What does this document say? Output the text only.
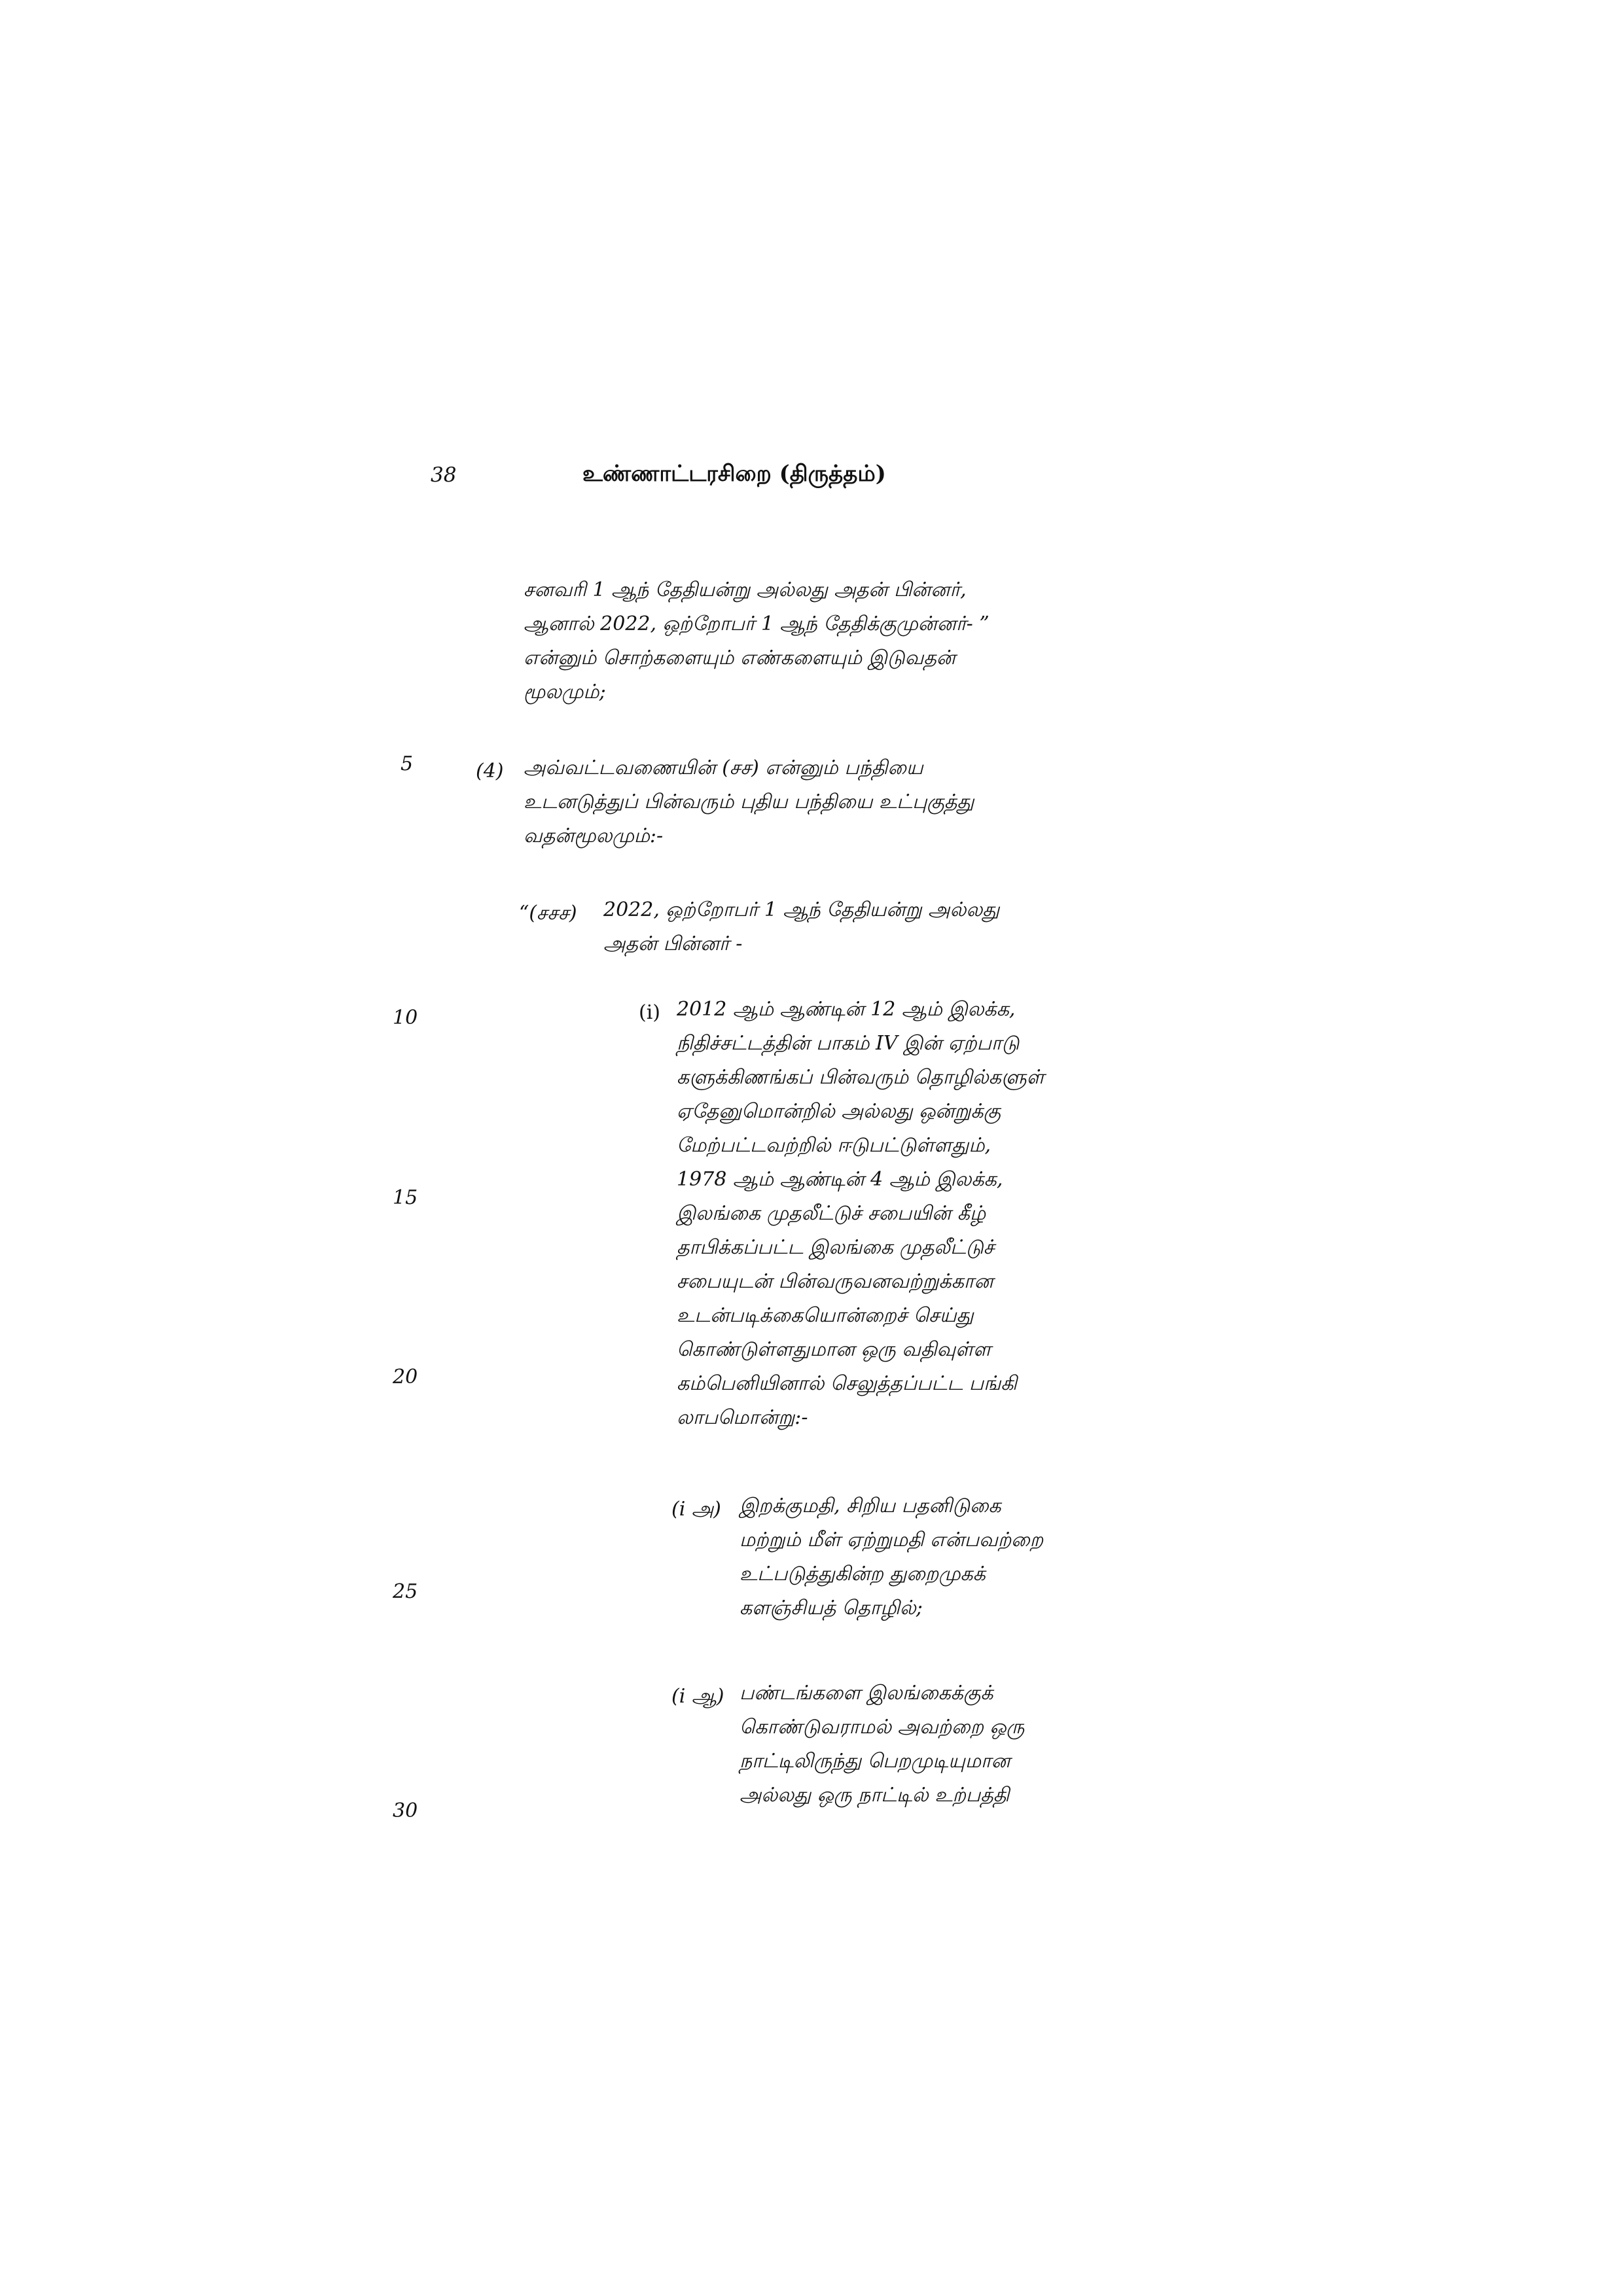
38	உண்ணாட்டரசிறை (திருத்தம்)
5
10
15
20
25
30
சனவரி 1 ஆந் தேதியன்று அல்லது அதன் பின்னர்,
ஆனால் 2022, ஒற்றோபர் 1 ஆந் தேதிக்குமுன்னர்- ”
என்னும் சொற்களையும் எண்களையும் இடுவதன்
மூலமும்;
(4) அவ்வட்டவணையின் (சச) என்னும் பந்தியை
உடனடுத்துப் பின்வரும் புதிய பந்தியை உட்புகுத்து
வதன்மூலமும்:-
“(சசச) 2022, ஒற்றோபர் 1 ஆந் தேதியன்று அல்லது
அதன் பின்னர் -
(i) 2012 ஆம் ஆண்டின் 12 ஆம் இலக்க,
நிதிச்சட்டத்தின் பாகம் IV இன் ஏற்பாடு
களுக்கிணங்கப் பின்வரும் தொழில்களுள்
ஏதேனுமொன்றில் அல்லது ஒன்றுக்கு
மேற்பட்டவற்றில் ஈடுபட்டுள்ளதும்,
1978 ஆம் ஆண்டின் 4 ஆம் இலக்க,
இலங்கை முதலீட்டுச் சபையின் கீழ்
தாபிக்கப்பட்ட இலங்கை முதலீட்டுச்
சபையுடன் பின்வருவனவற்றுக்கான
உடன்படிக்கையொன்றைச் செய்து
கொண்டுள்ளதுமான ஒரு வதிவுள்ள
கம்பெனியினால் செலுத்தப்பட்ட பங்கி
லாபமொன்று:-
(i அ) இறக்குமதி, சிறிய பதனிடுகை
மற்றும் மீள் ஏற்றுமதி என்பவற்றை
உட்படுத்துகின்ற துறைமுகக்
களஞ்சியத் தொழில்;
(i ஆ) பண்டங்களை இலங்கைக்குக்
கொண்டுவராமல் அவற்றை ஒரு
நாட்டிலிருந்து பெறமுடியுமான
அல்லது ஒரு நாட்டில் உற்பத்தி
